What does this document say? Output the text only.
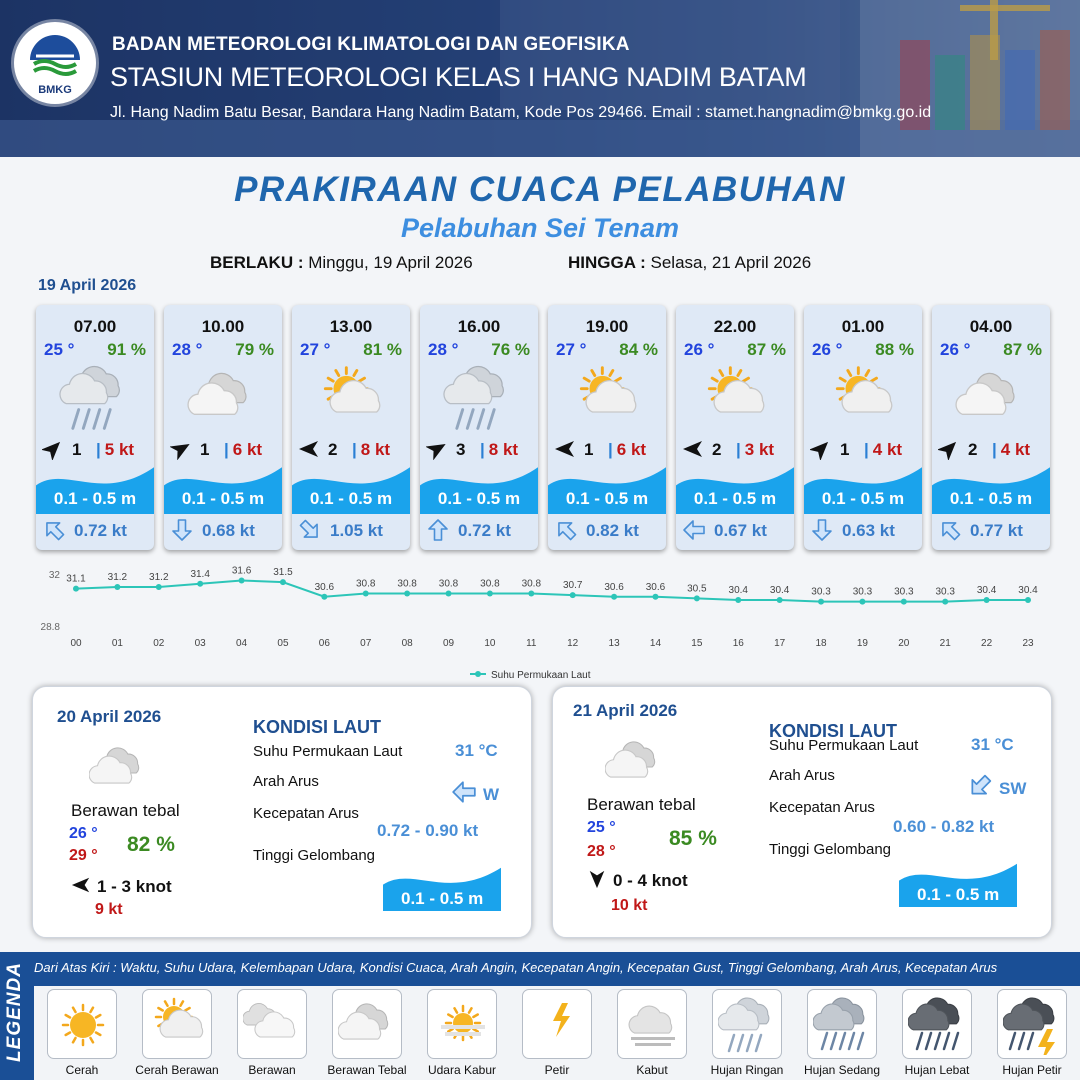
BMKG
BADAN METEOROLOGI KLIMATOLOGI DAN GEOFISIKA
STASIUN METEOROLOGI KELAS I HANG NADIM BATAM
Jl. Hang Nadim Batu Besar, Bandara Hang Nadim Batam, Kode Pos 29466. Email : stamet.hangnadim@bmkg.go.id
PRAKIRAAN CUACA PELABUHAN
Pelabuhan Sei Tenam
BERLAKU : Minggu, 19 April 2026	HINGGA : Selasa, 21 April 2026
19 April 2026
07.00
25 ° 91 %
1 | 5 kt
0.1 - 0.5 m
0.72 kt
10.00
28 ° 79 %
1 | 6 kt
0.1 - 0.5 m
0.68 kt
13.00
27 ° 81 %
2 | 8 kt
0.1 - 0.5 m
1.05 kt
16.00
28 ° 76 %
3 | 8 kt
0.1 - 0.5 m
0.72 kt
19.00
27 ° 84 %
1 | 6 kt
0.1 - 0.5 m
0.82 kt
22.00
26 ° 87 %
2 | 3 kt
0.1 - 0.5 m
0.67 kt
01.00
26 ° 88 %
1 | 4 kt
0.1 - 0.5 m
0.63 kt
04.00
26 ° 87 %
2 | 4 kt
0.1 - 0.5 m
0.77 kt
32
28.8
31.1 31.2 31.2 31.4 31.6 31.5
30.6 30.8 30.8 30.8 30.8 30.8 30.7 30.6 30.6 30.5 30.4 30.4 30.3 30.3 30.3 30.3 30.4 30.4
00	01	02	03	04	05	06	07	08	09	10	11	12	13	14	15	16	17	18	19	20	21	22	23
Suhu Permukaan Laut
20 April 2026
Berawan tebal
26 °
29 ° 82 %
1 - 3 knot
9 kt
KONDISI LAUT
Suhu Permukaan Laut	31 °C
Arah Arus
W
Kecepatan Arus
0.72 - 0.90 kt
Tinggi Gelombang
0.1 - 0.5 m
21 April 2026
Berawan tebal
25 °
28 °
85 %
0 - 4 knot
10 kt
KONDISI LAUT
Suhu Permukaan Laut	31 °C
Arah Arus
SW
Kecepatan Arus
0.60 - 0.82 kt
Tinggi Gelombang
0.1 - 0.5 m
LEGENDA Dari Atas Kiri : Waktu, Suhu Udara, Kelembapan Udara, Kondisi Cuaca, Arah Angin, Kecepatan Angin, Kecepatan Gust, Tinggi Gelombang, Arah Arus, Kecepatan Arus
Cerah	Cerah Berawan	Berawan	Berawan Tebal	Udara Kabur	Petir	Kabut	Hujan Ringan	Hujan Sedang	Hujan Lebat	Hujan Petir
